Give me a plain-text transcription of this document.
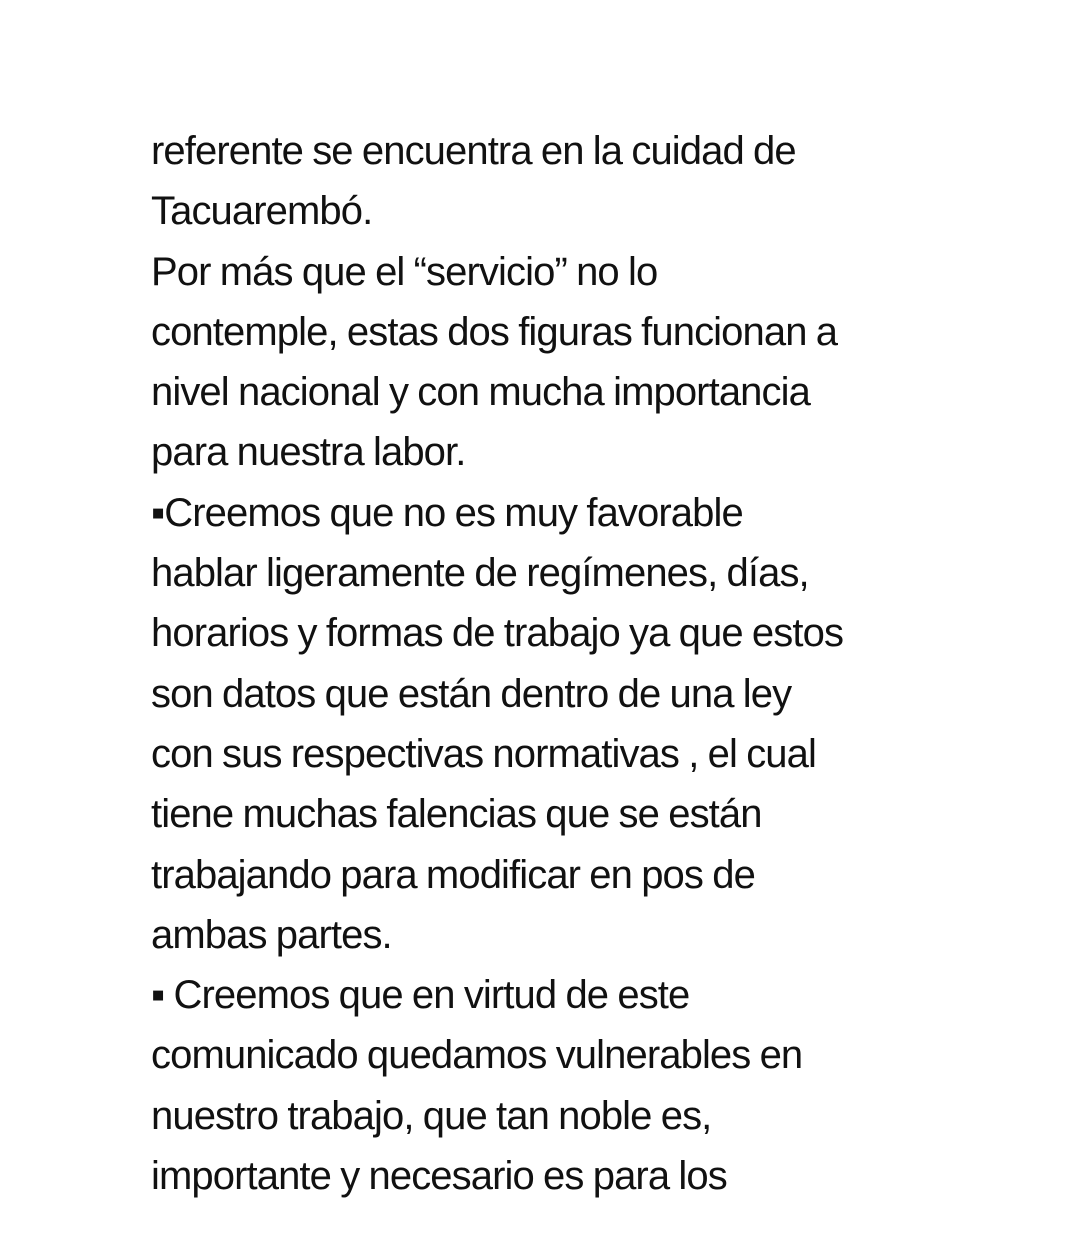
referente se encuentra en la cuidad de
Tacuarembó.
Por más que el “servicio” no lo
contemple, estas dos figuras funcionan a
nivel nacional y con mucha importancia
para nuestra labor.
▪Creemos que no es muy favorable
hablar ligeramente de regímenes, días,
horarios y formas de trabajo ya que estos
son datos que están dentro de una ley
con sus respectivas normativas , el cual
tiene muchas falencias que se están
trabajando para modificar en pos de
ambas partes.
▪ Creemos que en virtud de este
comunicado quedamos vulnerables en
nuestro trabajo, que tan noble es,
importante y necesario es para los
